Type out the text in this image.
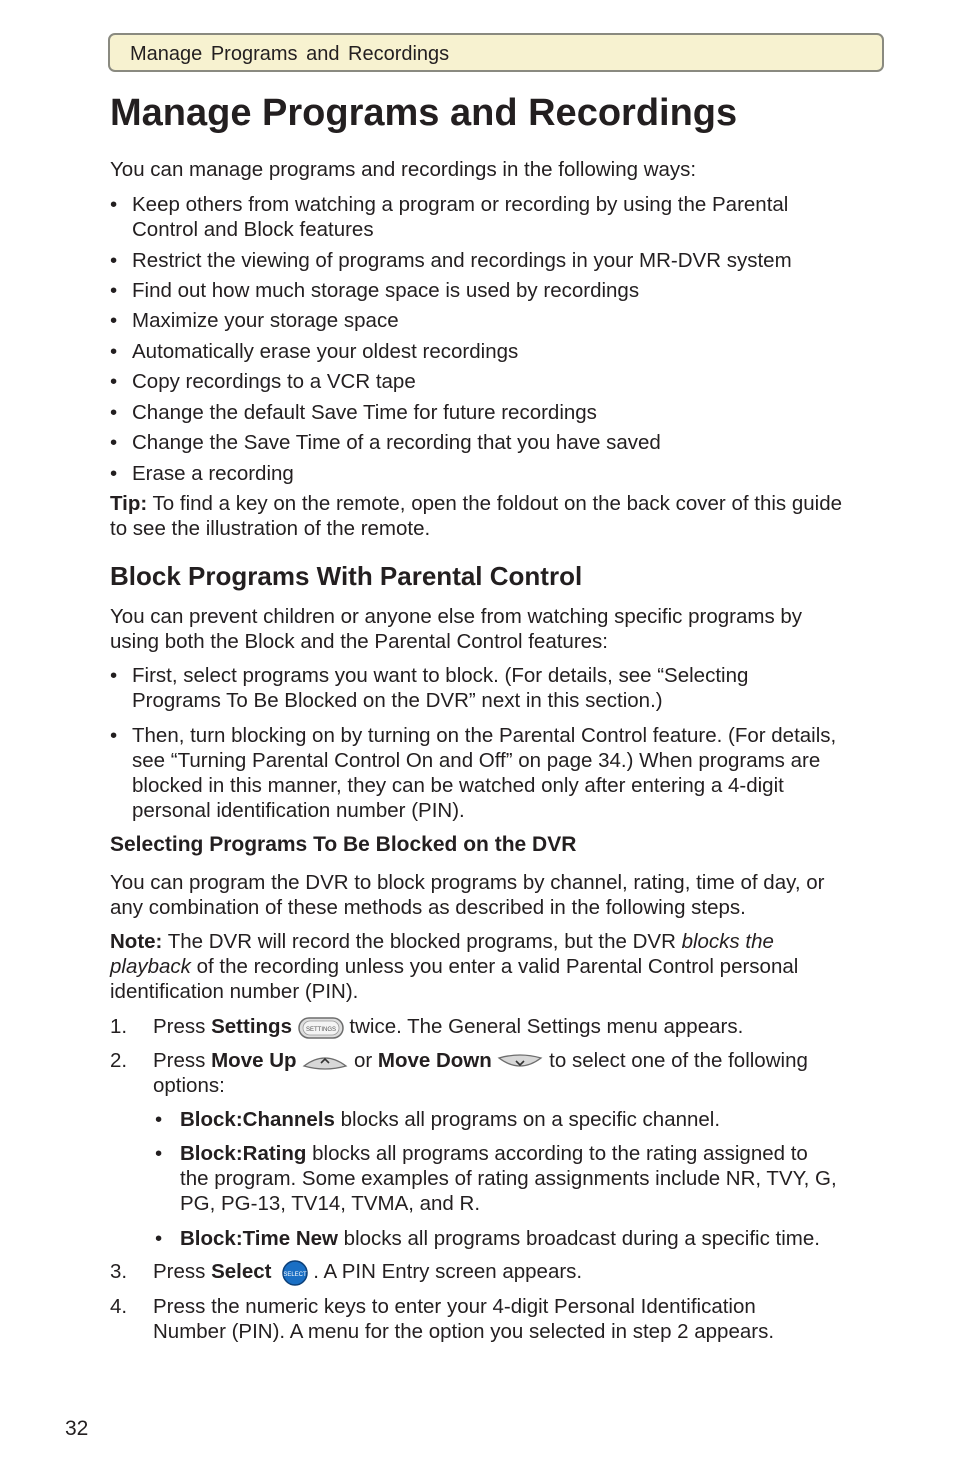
Manage Programs and Recordings
Manage Programs and Recordings
You can manage programs and recordings in the following ways:
• Keep others from watching a program or recording by using the Parental
Control and Block features
• Restrict the viewing of programs and recordings in your MR-DVR system
• Find out how much storage space is used by recordings
• Maximize your storage space
• Automatically erase your oldest recordings
• Copy recordings to a VCR tape
• Change the default Save Time for future recordings
• Change the Save Time of a recording that you have saved
• Erase a recording
Tip: To find a key on the remote, open the foldout on the back cover of this guide
to see the illustration of the remote.
Block Programs With Parental Control
You can prevent children or anyone else from watching specific programs by
using both the Block and the Parental Control features:
• First, select programs you want to block. (For details, see “Selecting
Programs To Be Blocked on the DVR” next in this section.)
• Then, turn blocking on by turning on the Parental Control feature. (For details,
see “Turning Parental Control On and Off” on page 34.) When programs are
blocked in this manner, they can be watched only after entering a 4-digit
personal identification number (PIN).
Selecting Programs To Be Blocked on the DVR
You can program the DVR to block programs by channel, rating, time of day, or
any combination of these methods as described in the following steps.
Note: The DVR will record the blocked programs, but the DVR blocks the
playback of the recording unless you enter a valid Parental Control personal
identification number (PIN).
1. Press Settings SETTINGS twice. The General Settings menu appears.
2. Press Move Up	or Move Down	to select one of the following
options:
• Block:Channels blocks all programs on a specific channel.
• Block:Rating blocks all programs according to the rating assigned to
the program. Some examples of rating assignments include NR, TVY, G,
PG, PG-13, TV14, TVMA, and R.
• Block:Time New blocks all programs broadcast during a specific time.
3. Press Select SELECT . A PIN Entry screen appears.
4. Press the numeric keys to enter your 4-digit Personal Identification
Number (PIN). A menu for the option you selected in step 2 appears.
32
